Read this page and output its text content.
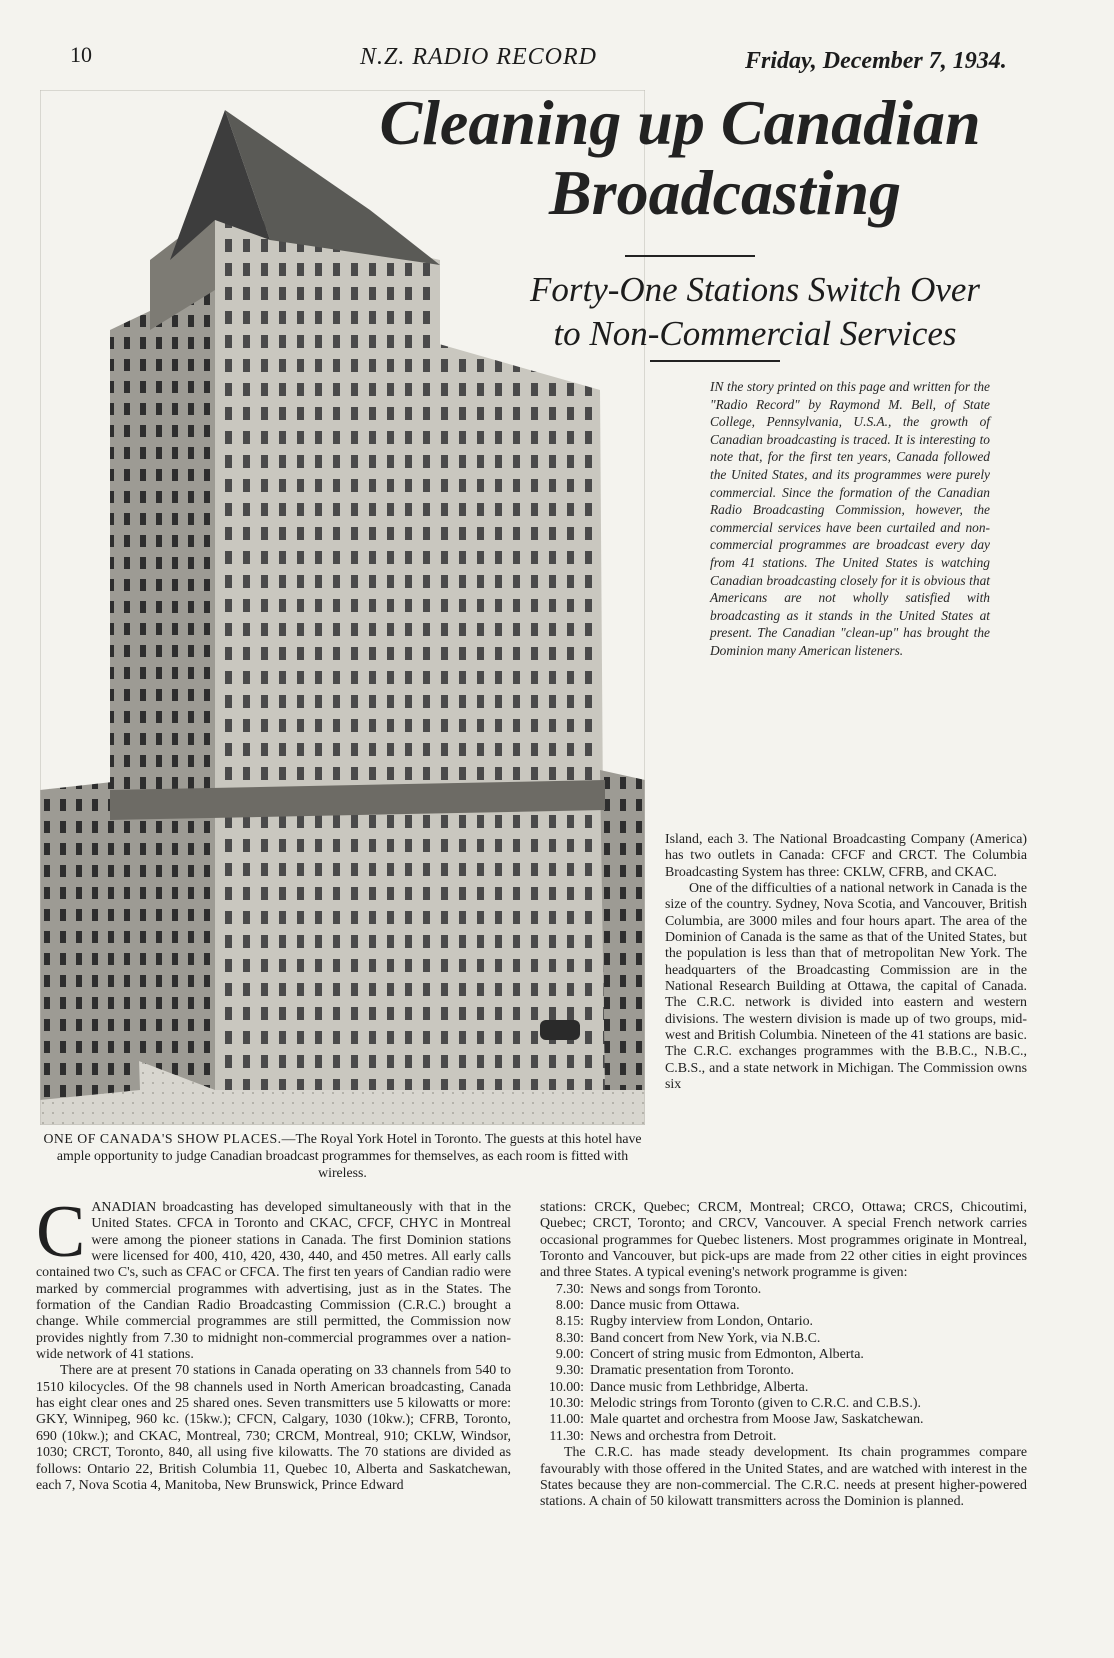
10	N.Z. RADIO RECORD	Friday, December 7, 1934.
Cleaning up Canadian
Broadcasting
Forty-One Stations Switch Over
to Non-Commercial Services
IN the story printed on this page and written for the "Radio Record" by Raymond M. Bell, of State College, Pennsylvania, U.S.A., the growth of Canadian broadcasting is traced. It is interesting to note that, for the first ten years, Canada followed the United States, and its programmes were purely commercial. Since the formation of the Canadian Radio Broadcasting Commission, however, the commercial services have been curtailed and non-commercial programmes are broadcast every day from 41 stations. The United States is watching Canadian broadcasting closely for it is obvious that Americans are not wholly satisfied with broadcasting as it stands in the United States at present. The Canadian "clean-up" has brought the Dominion many American listeners.

Island, each 3. The National Broadcasting Company (America) has two outlets in Canada: CFCF and CRCT. The Columbia Broadcasting System has three: CKLW, CFRB, and CKAC.

One of the difficulties of a national network in Canada is the size of the country. Sydney, Nova Scotia, and Vancouver, British Columbia, are 3000 miles and four hours apart. The area of the Dominion of Canada is the same as that of the United States, but the population is less than that of metropolitan New York. The headquarters of the Broadcasting Commission are in the National Research Building at Ottawa, the capital of Canada. The C.R.C. network is divided into eastern and western divisions. The western division is made up of two groups, mid-west and British Columbia. Nineteen of the 41 stations are basic. The C.R.C. exchanges programmes with the B.B.C., N.B.C., C.B.S., and a state network in Michigan. The Commission owns six

ONE OF CANADA'S SHOW PLACES.—The Royal York Hotel in Toronto. The guests at this hotel have ample opportunity to judge Canadian broadcast programmes for themselves, as each room is fitted with wireless.
C ANADIAN broadcasting has developed simultaneously with that in the United States. CFCA in Toronto and CKAC, CFCF, CHYC in Montreal were among the pioneer stations in Canada. The first Dominion stations were licensed for 400, 410, 420, 430, 440, and 450 metres. All early calls contained two C's, such as CFAC or CFCA. The first ten years of Candian radio were marked by commercial programmes with advertising, just as in the States. The formation of the Candian Radio Broadcasting Commission (C.R.C.) brought a change. While commercial programmes are still permitted, the Commission now provides nightly from 7.30 to midnight non-commercial programmes over a nation-wide network of 41 stations.

There are at present 70 stations in Canada operating on 33 channels from 540 to 1510 kilocycles. Of the 98 channels used in North American broadcasting, Canada has eight clear ones and 25 shared ones. Seven transmitters use 5 kilowatts or more: GKY, Winnipeg, 960 kc. (15kw.); CFCN, Calgary, 1030 (10kw.); CFRB, Toronto, 690 (10kw.); and CKAC, Montreal, 730; CRCM, Montreal, 910; CKLW, Windsor, 1030; CRCT, Toronto, 840, all using five kilowatts. The 70 stations are divided as follows: Ontario 22, British Columbia 11, Quebec 10, Alberta and Saskatchewan, each 7, Nova Scotia 4, Manitoba, New Brunswick, Prince Edward

stations: CRCK, Quebec; CRCM, Montreal; CRCO, Ottawa; CRCS, Chicoutimi, Quebec; CRCT, Toronto; and CRCV, Vancouver. A special French network carries occasional programmes for Quebec listeners. Most programmes originate in Montreal, Toronto and Vancouver, but pick-ups are made from 22 other cities in eight provinces and three States. A typical evening's network programme is given:

7.30: News and songs from Toronto.
8.00: Dance music from Ottawa.
8.15: Rugby interview from London, Ontario.
8.30: Band concert from New York, via N.B.C.
9.00: Concert of string music from Edmonton, Alberta.
9.30: Dramatic presentation from Toronto.
10.00: Dance music from Lethbridge, Alberta.
10.30: Melodic strings from Toronto (given to C.R.C. and C.B.S.).
11.00: Male quartet and orchestra from Moose Jaw, Saskatchewan.
11.30: News and orchestra from Detroit.

The C.R.C. has made steady development. Its chain programmes compare favourably with those offered in the United States, and are watched with interest in the States because they are non-commercial. The C.R.C. needs at present higher-powered stations. A chain of 50 kilowatt transmitters across the Dominion is planned.
